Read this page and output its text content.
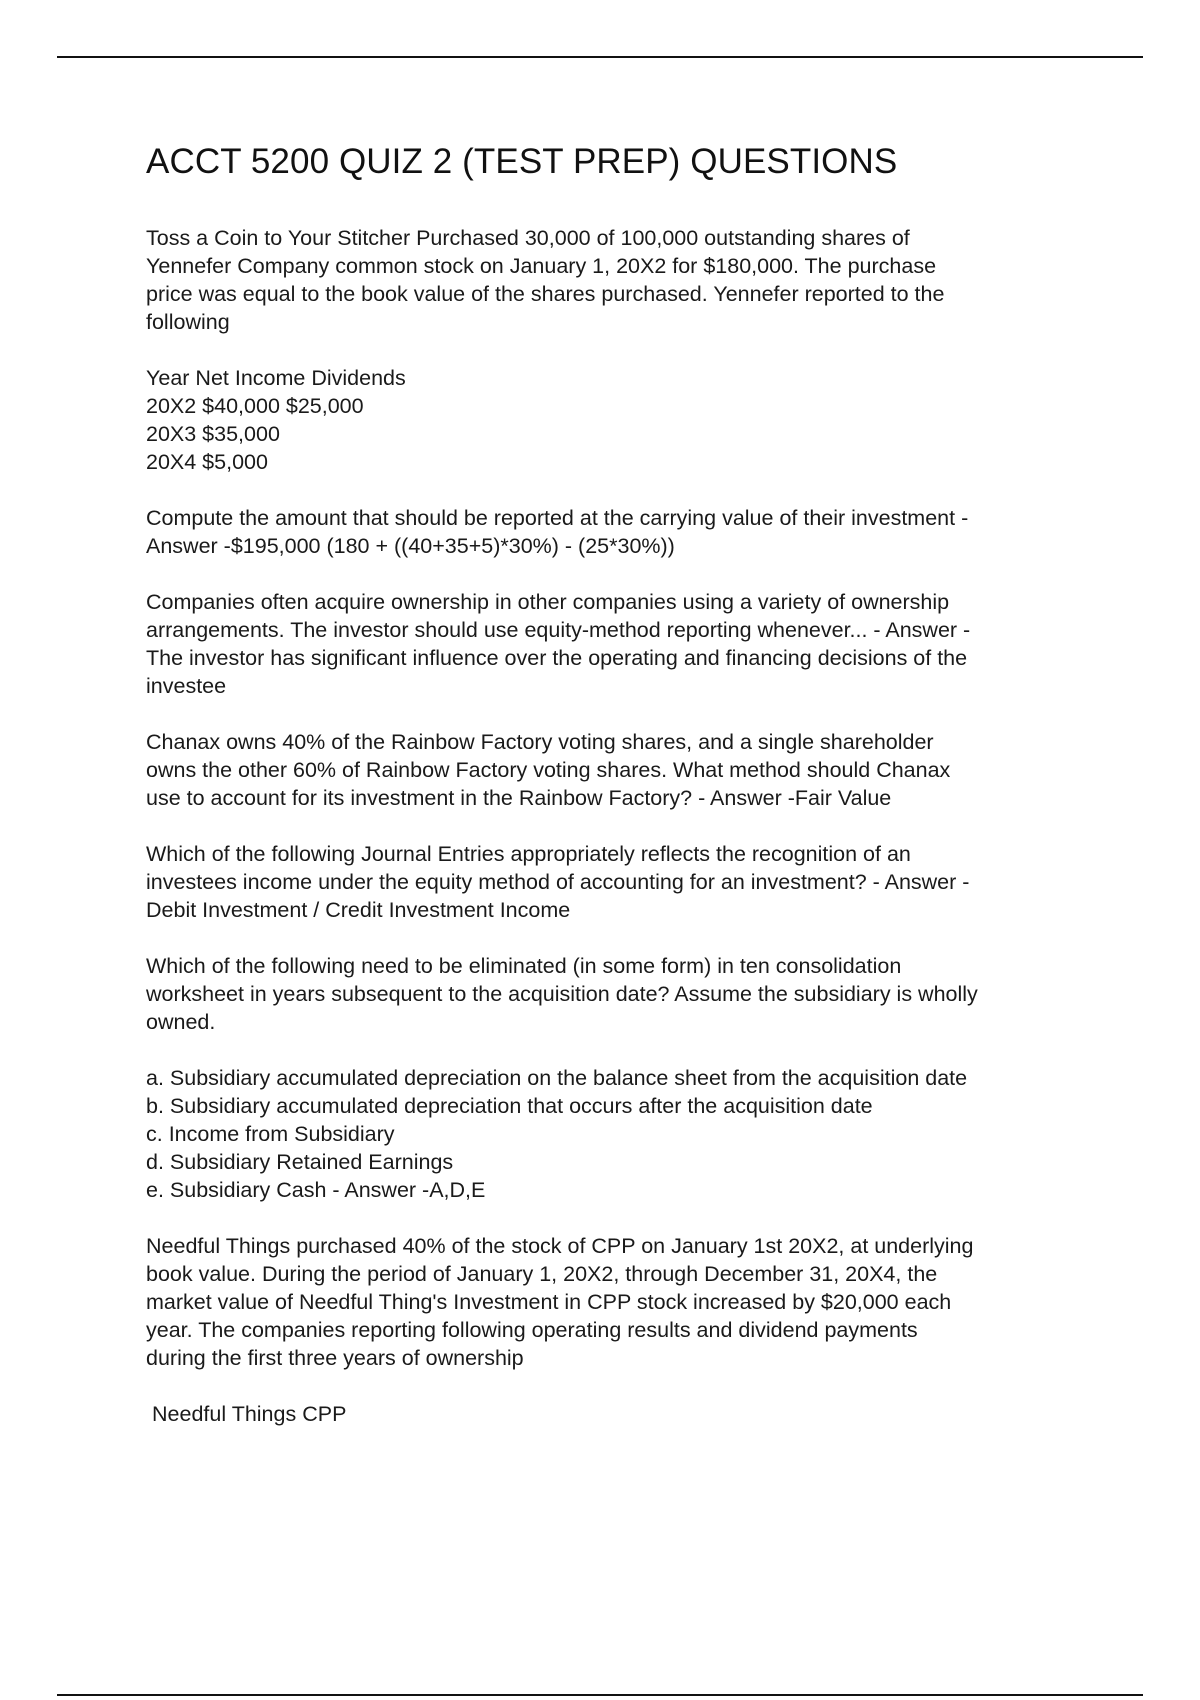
ACCT 5200 QUIZ 2 (TEST PREP) QUESTIONS

Toss a Coin to Your Stitcher Purchased 30,000 of 100,000 outstanding shares of
Yennefer Company common stock on January 1, 20X2 for $180,000. The purchase
price was equal to the book value of the shares purchased. Yennefer reported to the
following

Year Net Income Dividends
20X2 $40,000 $25,000
20X3 $35,000
20X4 $5,000

Compute the amount that should be reported at the carrying value of their investment -
Answer -$195,000 (180 + ((40+35+5)*30%) - (25*30%))

Companies often acquire ownership in other companies using a variety of ownership
arrangements. The investor should use equity-method reporting whenever... - Answer -
The investor has significant influence over the operating and financing decisions of the
investee

Chanax owns 40% of the Rainbow Factory voting shares, and a single shareholder
owns the other 60% of Rainbow Factory voting shares. What method should Chanax
use to account for its investment in the Rainbow Factory? - Answer -Fair Value

Which of the following Journal Entries appropriately reflects the recognition of an
investees income under the equity method of accounting for an investment? - Answer -
Debit Investment / Credit Investment Income

Which of the following need to be eliminated (in some form) in ten consolidation
worksheet in years subsequent to the acquisition date? Assume the subsidiary is wholly
owned.

a. Subsidiary accumulated depreciation on the balance sheet from the acquisition date
b. Subsidiary accumulated depreciation that occurs after the acquisition date
c. Income from Subsidiary
d. Subsidiary Retained Earnings
e. Subsidiary Cash - Answer -A,D,E

Needful Things purchased 40% of the stock of CPP on January 1st 20X2, at underlying
book value. During the period of January 1, 20X2, through December 31, 20X4, the
market value of Needful Thing's Investment in CPP stock increased by $20,000 each
year. The companies reporting following operating results and dividend payments
during the first three years of ownership

Needful Things CPP
